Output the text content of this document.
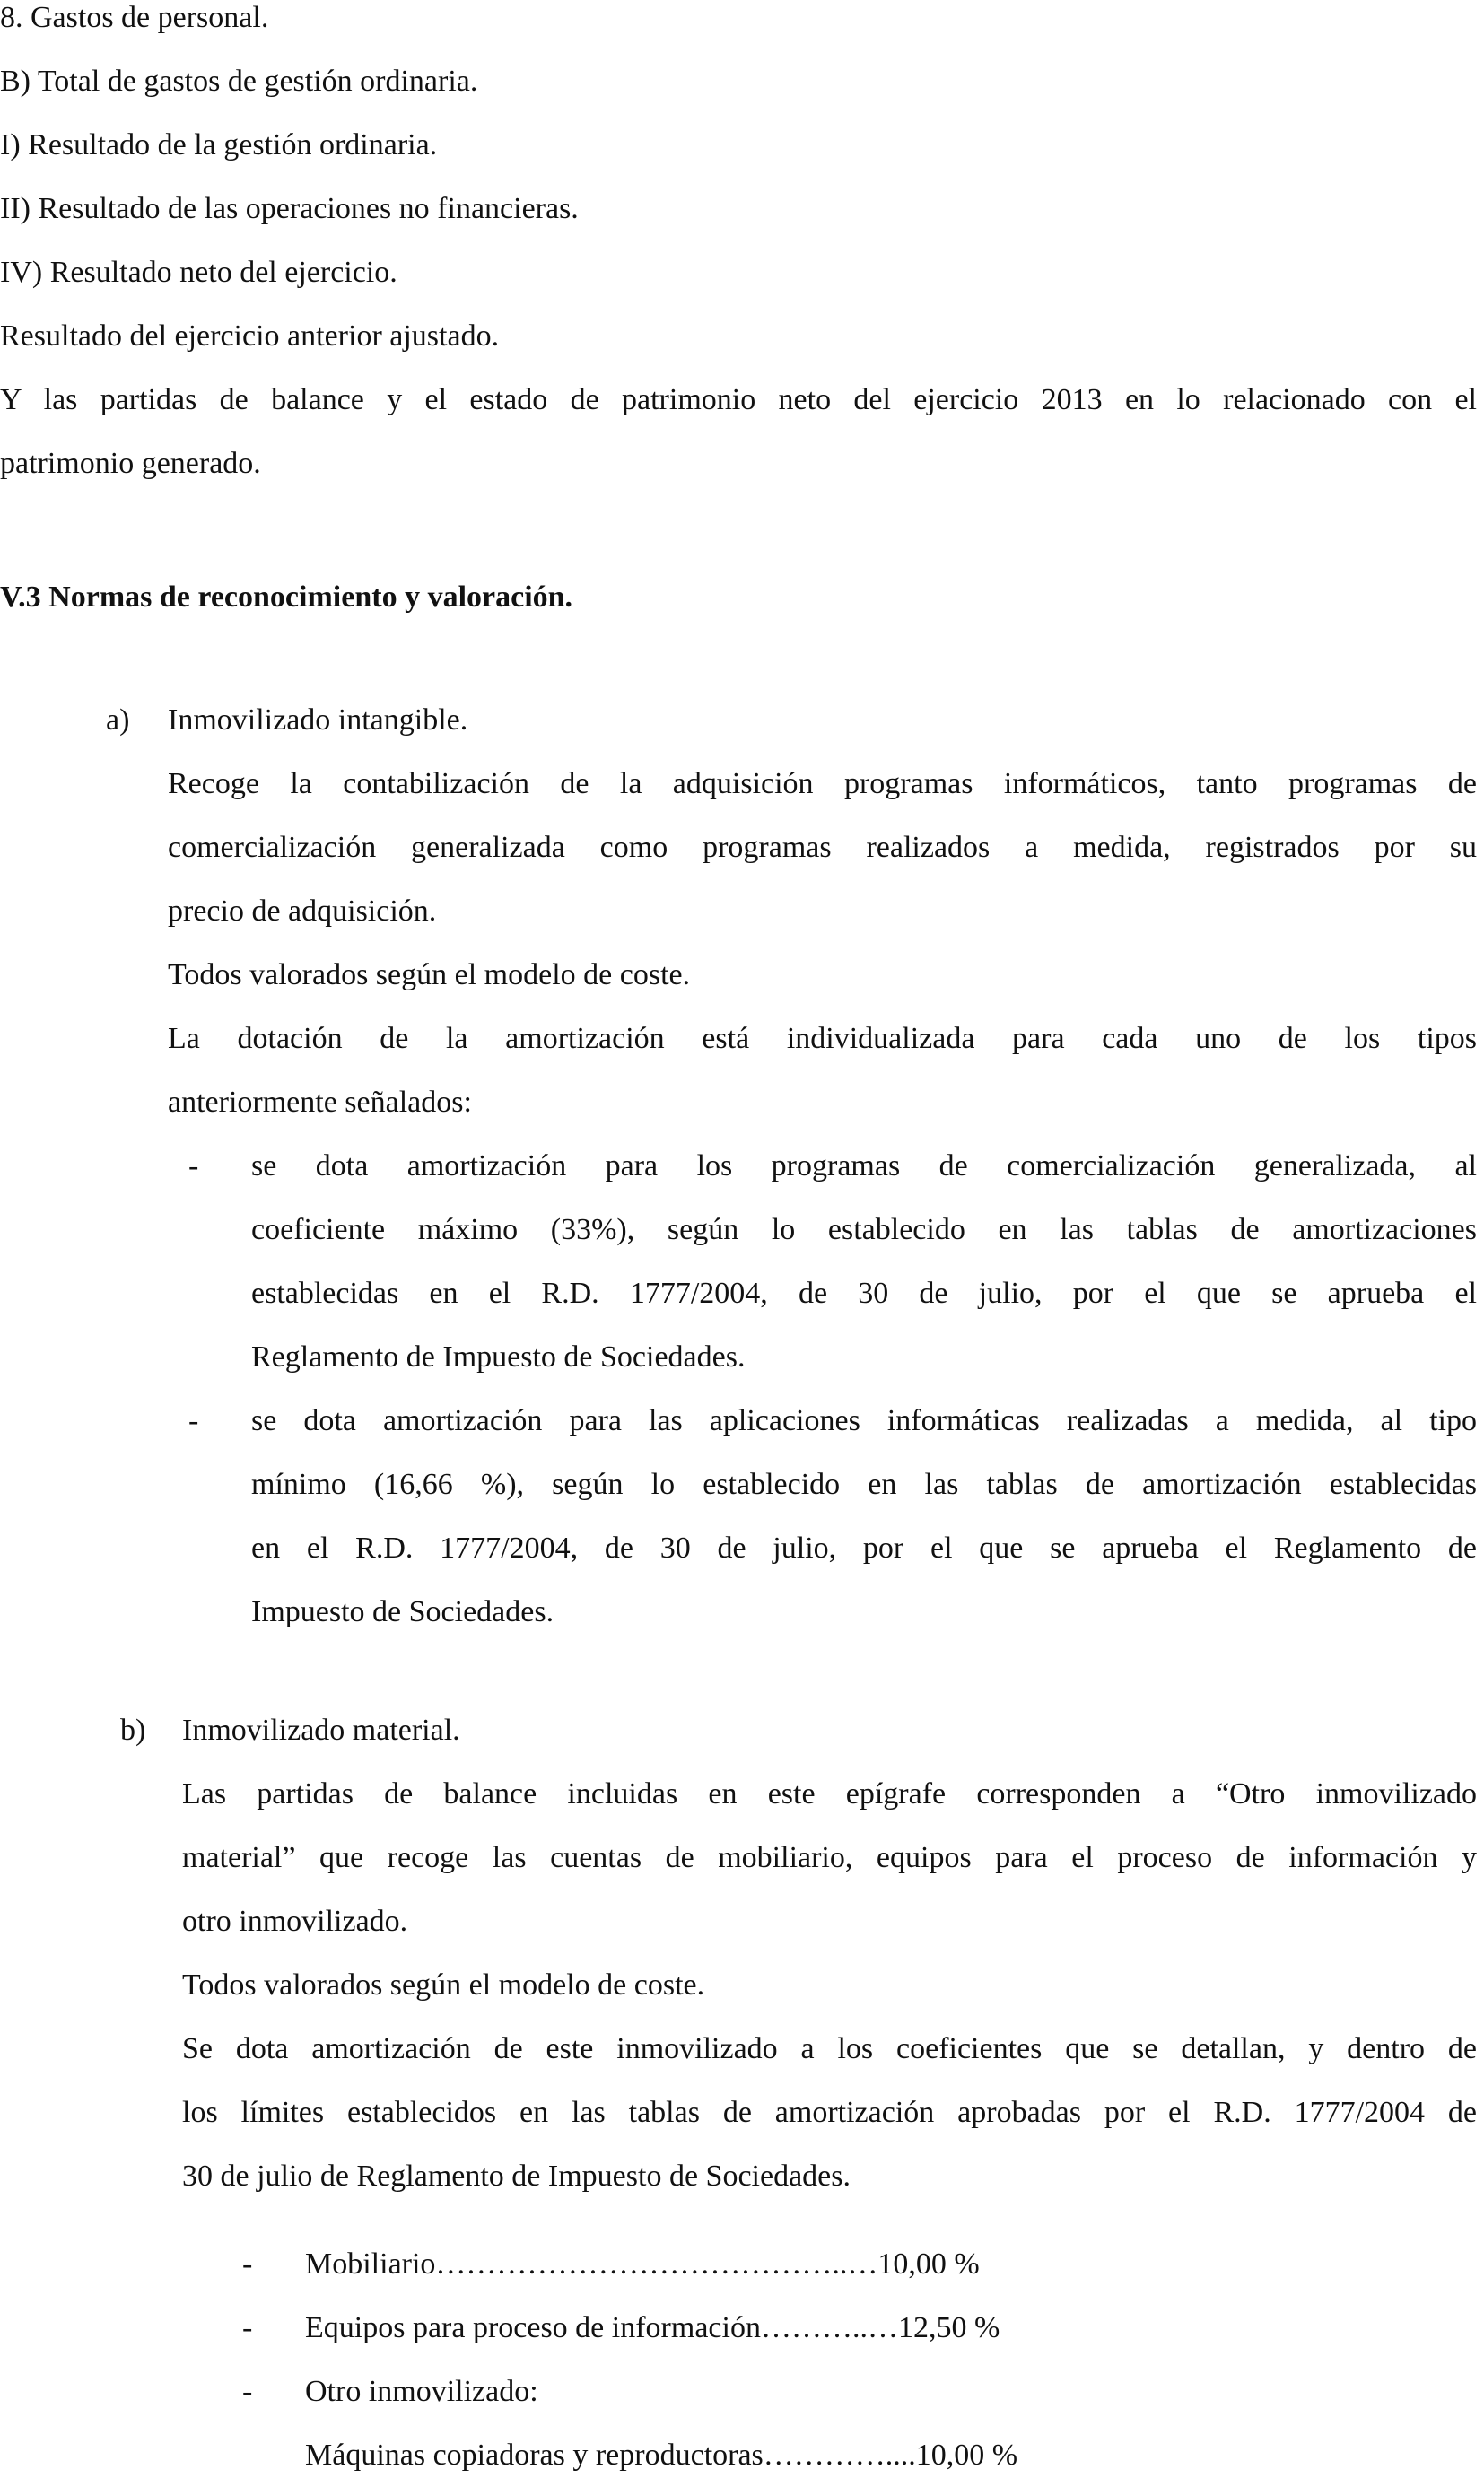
8. Gastos de personal.
B) Total de gastos de gestión ordinaria.
I) Resultado de la gestión ordinaria.
II) Resultado de las operaciones no financieras.
IV) Resultado neto del ejercicio.
Resultado del ejercicio anterior ajustado.
Y las partidas de balance y el estado de patrimonio neto del ejercicio 2013 en lo relacionado con el
patrimonio generado.
V.3 Normas de reconocimiento y valoración.
a) Inmovilizado intangible.
Recoge la contabilización de la adquisición programas informáticos, tanto programas de
comercialización generalizada como programas realizados a medida, registrados por su
precio de adquisición.
Todos valorados según el modelo de coste.
La dotación de la amortización está individualizada para cada uno de los tipos
anteriormente señalados:
- se dota amortización para los programas de comercialización generalizada, al
coeficiente máximo (33%), según lo establecido en las tablas de amortizaciones
establecidas en el R.D. 1777/2004, de 30 de julio, por el que se aprueba el
Reglamento de Impuesto de Sociedades.
- se dota amortización para las aplicaciones informáticas realizadas a medida, al tipo
mínimo (16,66 %), según lo establecido en las tablas de amortización establecidas
en el R.D. 1777/2004, de 30 de julio, por el que se aprueba el Reglamento de
Impuesto de Sociedades.
b) Inmovilizado material.
Las partidas de balance incluidas en este epígrafe corresponden a “Otro inmovilizado
material” que recoge las cuentas de mobiliario, equipos para el proceso de información y
otro inmovilizado.
Todos valorados según el modelo de coste.
Se dota amortización de este inmovilizado a los coeficientes que se detallan, y dentro de
los límites establecidos en las tablas de amortización aprobadas por el R.D. 1777/2004 de
30 de julio de Reglamento de Impuesto de Sociedades.
- Mobiliario…………………………………..…10,00 %
- Equipos para proceso de información………..…12,50 %
- Otro inmovilizado:
Máquinas copiadoras y reproductoras…………....10,00 %
